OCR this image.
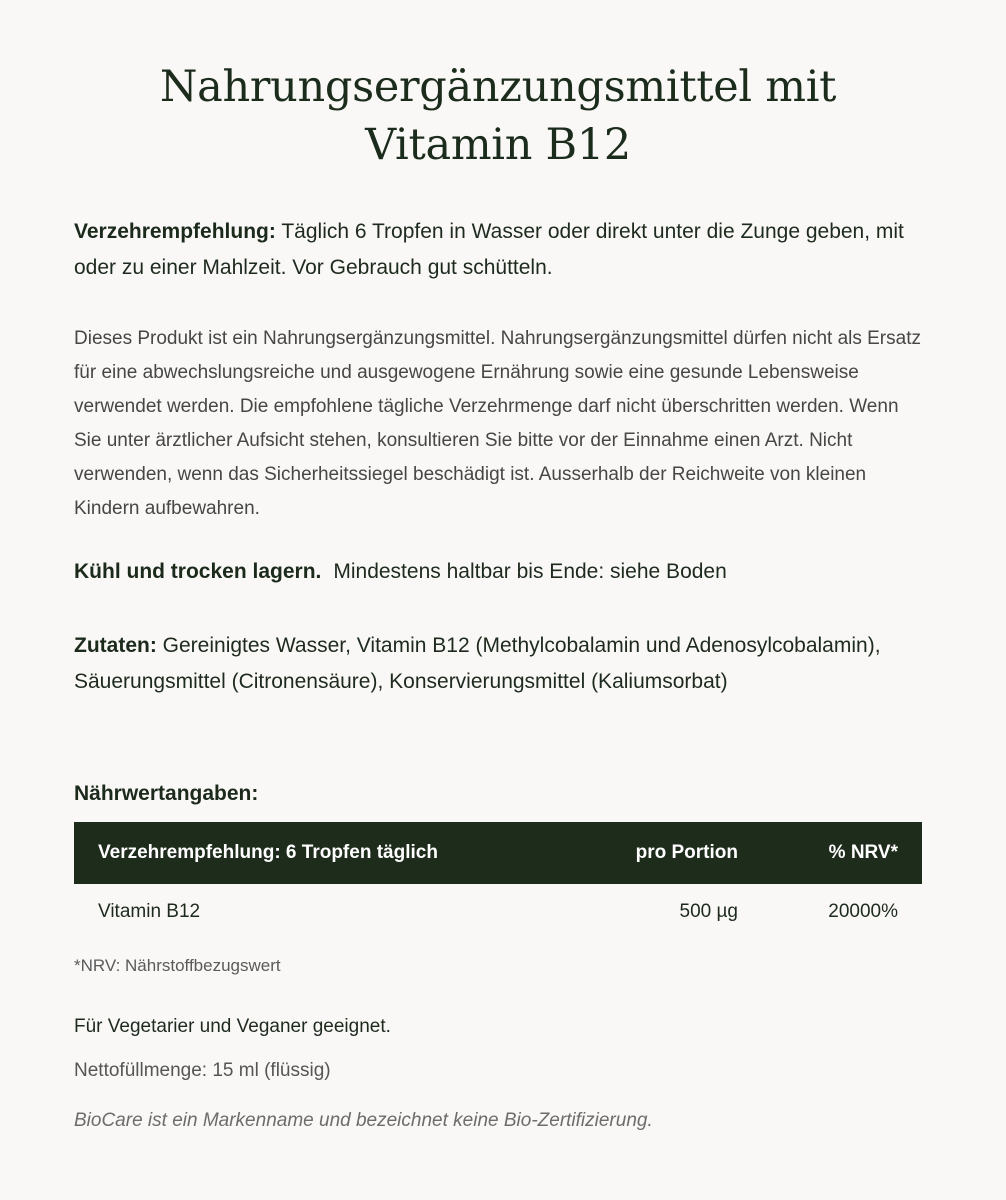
Nahrungsergänzungsmittel mit Vitamin B12

Verzehrempfehlung: Täglich 6 Tropfen in Wasser oder direkt unter die Zunge geben, mit oder zu einer Mahlzeit. Vor Gebrauch gut schütteln.

Dieses Produkt ist ein Nahrungsergänzungsmittel. Nahrungsergänzungsmittel dürfen nicht als Ersatz für eine abwechslungsreiche und ausgewogene Ernährung sowie eine gesunde Lebensweise verwendet werden. Die empfohlene tägliche Verzehrmenge darf nicht überschritten werden. Wenn Sie unter ärztlicher Aufsicht stehen, konsultieren Sie bitte vor der Einnahme einen Arzt. Nicht verwenden, wenn das Sicherheitssiegel beschädigt ist. Ausserhalb der Reichweite von kleinen Kindern aufbewahren.

Kühl und trocken lagern. Mindestens haltbar bis Ende: siehe Boden

Zutaten: Gereinigtes Wasser, Vitamin B12 (Methylcobalamin und Adenosylcobalamin), Säuerungsmittel (Citronensäure), Konservierungsmittel (Kaliumsorbat)

Nährwertangaben:
Verzehrempfehlung: 6 Tropfen täglich	pro Portion	% NRV*
Vitamin B12	500 µg	20000%

*NRV: Nährstoffbezugswert

Für Vegetarier und Veganer geeignet.

Nettofüllmenge: 15 ml (flüssig)

BioCare ist ein Markenname und bezeichnet keine Bio-Zertifizierung.
